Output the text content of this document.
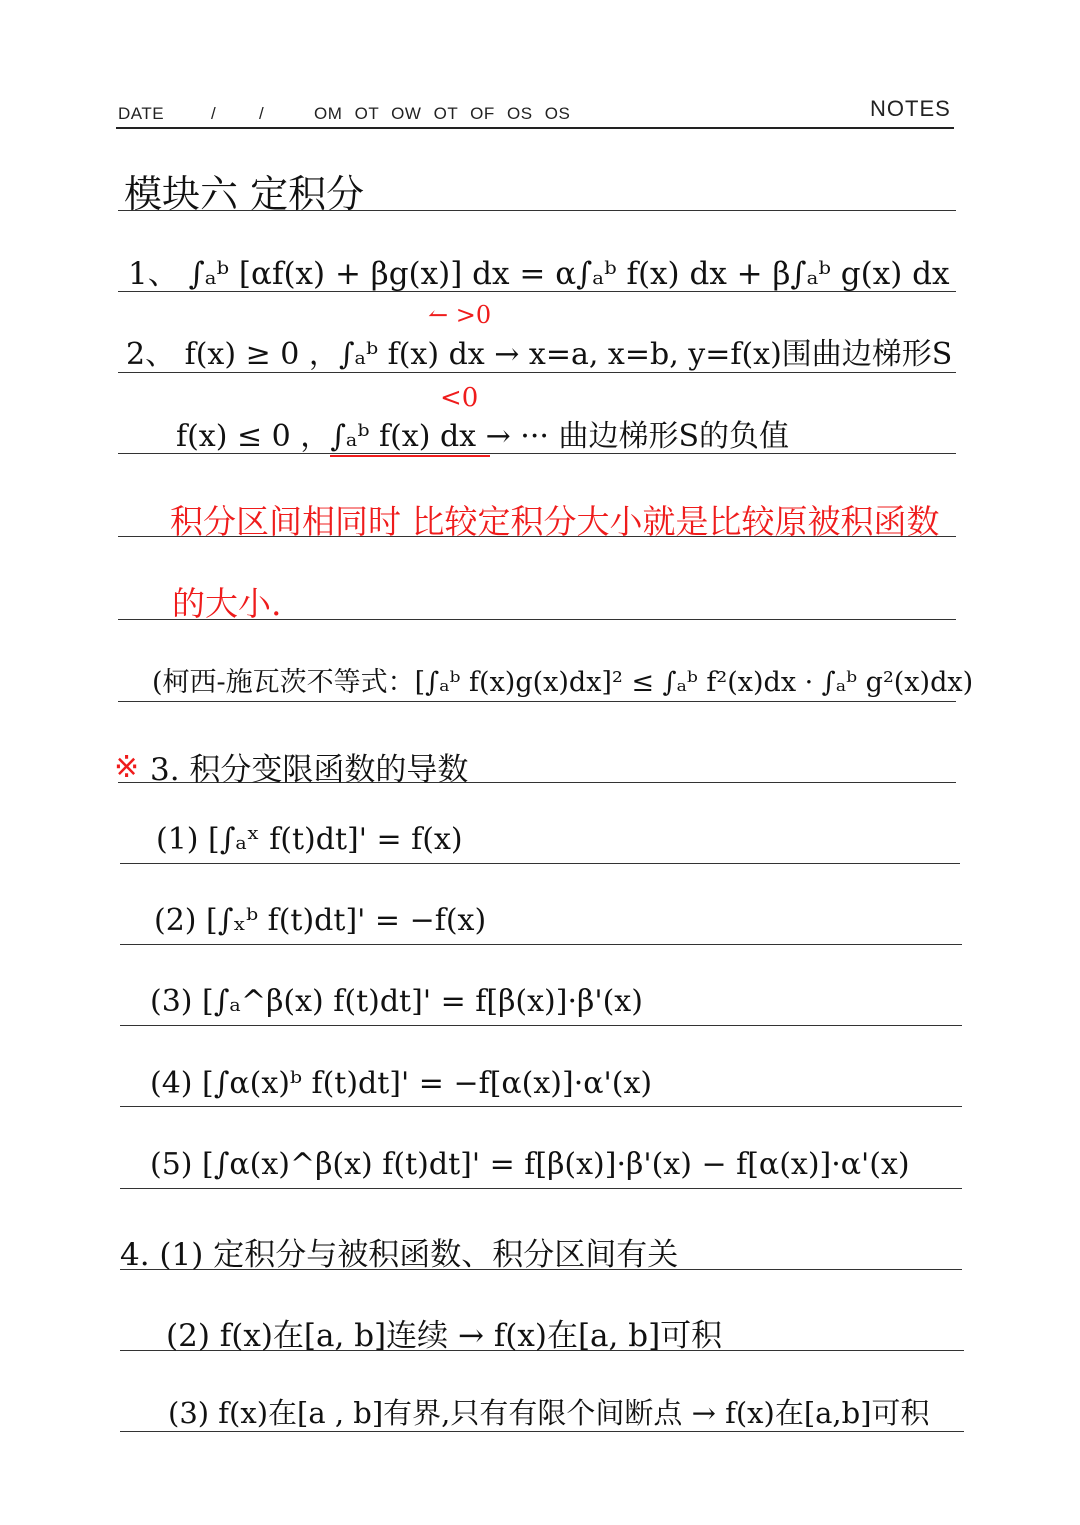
DATE	/	/	OM OT OW OT OF OS OS	NOTES
模块六 定积分
1、 ∫ₐᵇ [αf(x) + βg(x)] dx = α∫ₐᵇ f(x) dx + β∫ₐᵇ g(x) dx
↼ >0
2、 f(x) ≥ 0 ，∫ₐᵇ f(x) dx → x=a, x=b, y=f(x)围曲边梯形S
<0
f(x) ≤ 0 ，∫ₐᵇ f(x) dx → ··· 曲边梯形S的负值
积分区间相同时 比较定积分大小就是比较原被积函数
的大小.
(柯西-施瓦茨不等式：[∫ₐᵇ f(x)g(x)dx]² ≤ ∫ₐᵇ f²(x)dx · ∫ₐᵇ g²(x)dx)
※ 3. 积分变限函数的导数
(1) [∫ₐˣ f(t)dt]' = f(x)
(2) [∫ₓᵇ f(t)dt]' = −f(x)
(3) [∫ₐ^β(x) f(t)dt]' = f[β(x)]·β'(x)
(4) [∫α(x)ᵇ f(t)dt]' = −f[α(x)]·α'(x)
(5) [∫α(x)^β(x) f(t)dt]' = f[β(x)]·β'(x) − f[α(x)]·α'(x)
4. (1) 定积分与被积函数、积分区间有关
(2) f(x)在[a, b]连续 → f(x)在[a, b]可积
(3) f(x)在[a , b]有界,只有有限个间断点 → f(x)在[a,b]可积
